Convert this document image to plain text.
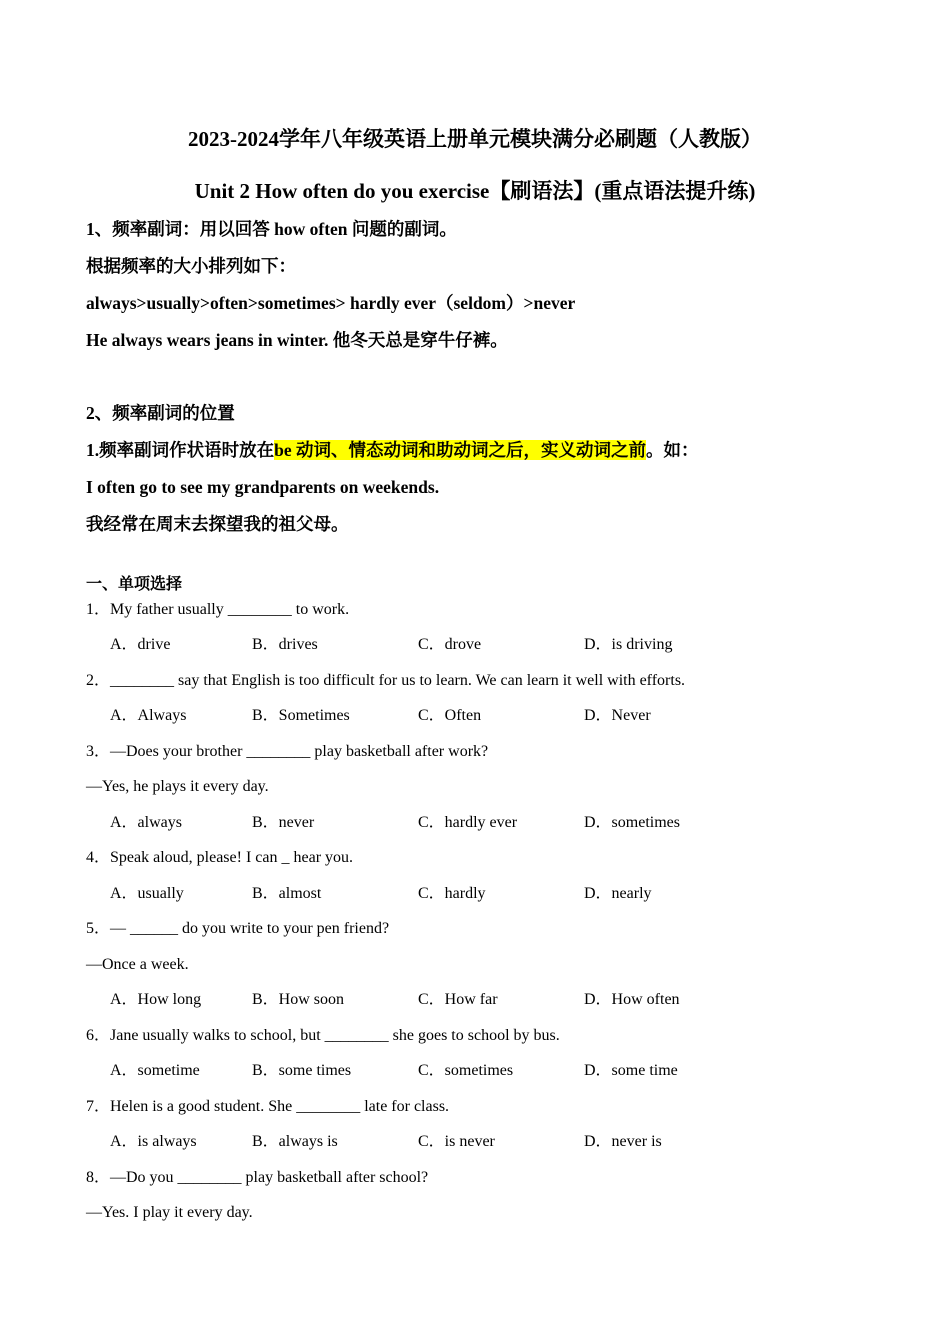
2023-2024学年八年级英语上册单元模块满分必刷题（人教版）
Unit 2 How often do you exercise【刷语法】(重点语法提升练)
1、频率副词：用以回答 how often 问题的副词。
根据频率的大小排列如下：
always>usually>often>sometimes> hardly ever（seldom）>never
He always wears jeans in winter. 他冬天总是穿牛仔裤。
2、频率副词的位置
1.频率副词作状语时放在be 动词、情态动词和助动词之后，实义动词之前。如：
I often go to see my grandparents on weekends.
我经常在周末去探望我的祖父母。
一、单项选择
1．My father usually ________ to work.
A．drive	B．drives	C．drove	D．is driving
2．________ say that English is too difficult for us to learn. We can learn it well with efforts.
A．Always	B．Sometimes	C．Often	D．Never
3．—Does your brother ________ play basketball after work?
—Yes, he plays it every day.
A．always	B．never	C．hardly ever	D．sometimes
4．Speak aloud, please! I can _ hear you.
A．usually	B．almost	C．hardly	D．nearly
5．— ______ do you write to your pen friend?
—Once a week.
A．How long	B．How soon	C．How far	D．How often
6．Jane usually walks to school, but ________ she goes to school by bus.
A．sometime	B．some times	C．sometimes	D．some time
7．Helen is a good student. She ________ late for class.
A．is always	B．always is	C．is never	D．never is
8．—Do you ________ play basketball after school?
—Yes. I play it every day.
